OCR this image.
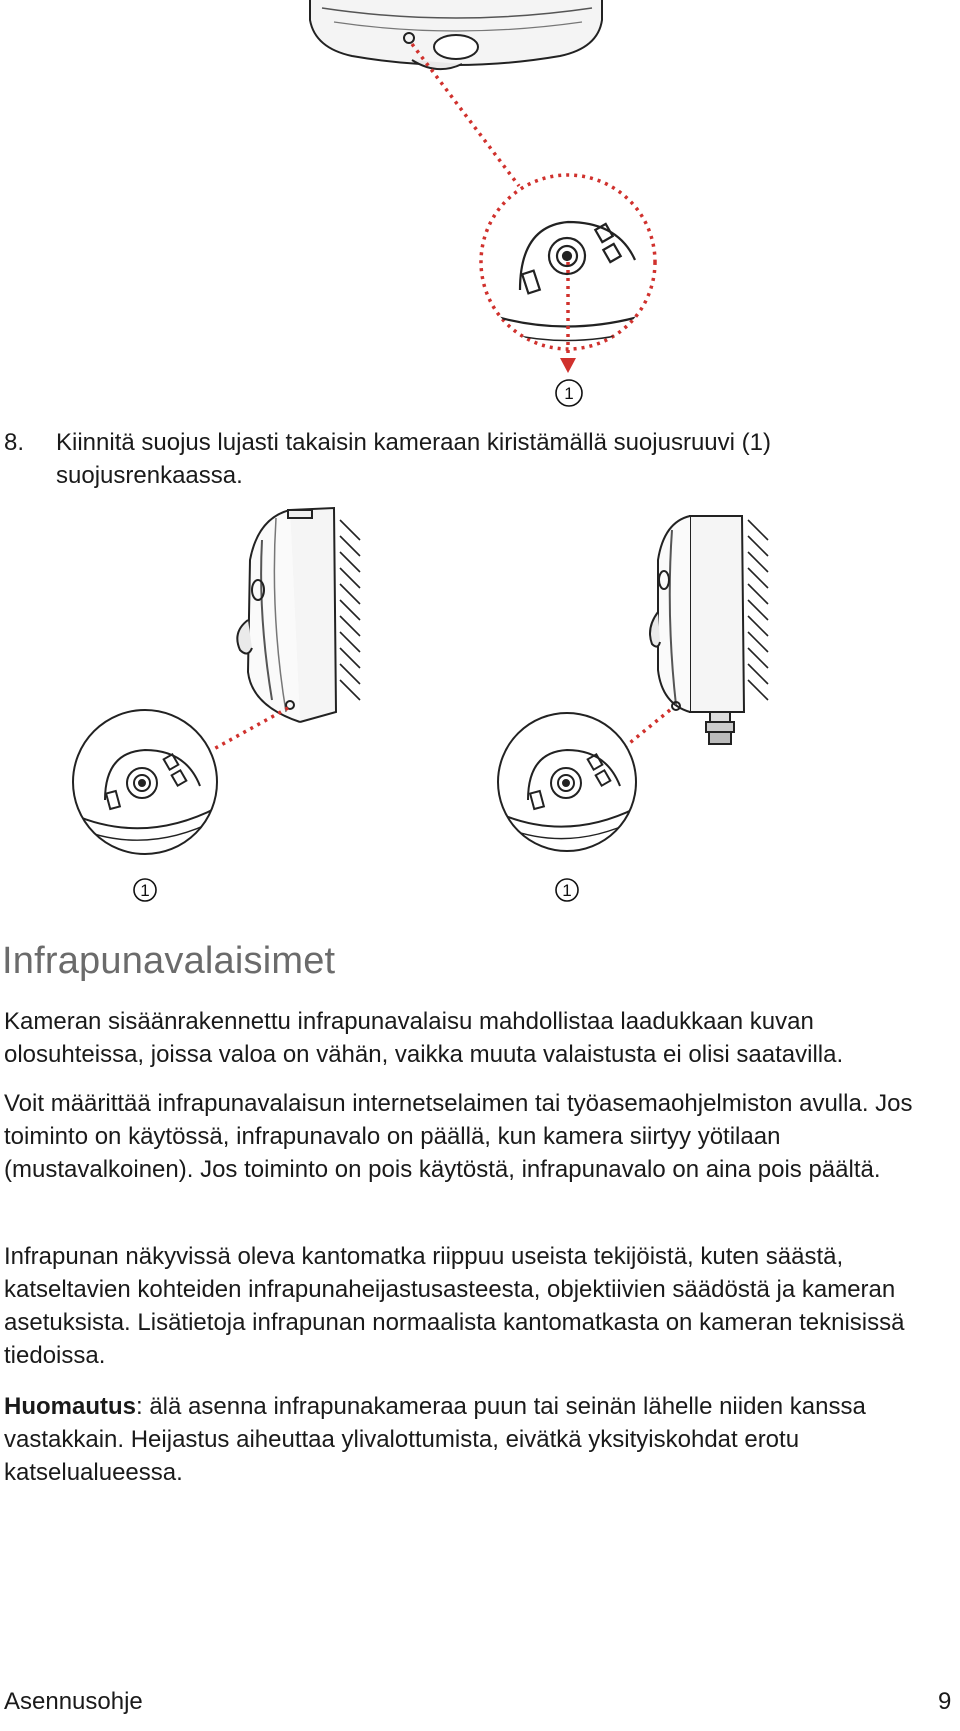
1
1	1
8. Kiinnitä suojus lujasti takaisin kameraan kiristämällä suojusruuvi (1) suojusrenkaassa.
Infrapunavalaisimet

Kameran sisäänrakennettu infrapunavalaisu mahdollistaa laadukkaan kuvan olosuhteissa, joissa valoa on vähän, vaikka muuta valaistusta ei olisi saatavilla.

Voit määrittää infrapunavalaisun internetselaimen tai työasemaohjelmiston avulla. Jos toiminto on käytössä, infrapunavalo on päällä, kun kamera siirtyy yötilaan (mustavalkoinen). Jos toiminto on pois käytöstä, infrapunavalo on aina pois päältä.

Infrapunan näkyvissä oleva kantomatka riippuu useista tekijöistä, kuten säästä, katseltavien kohteiden infrapunaheijastusasteesta, objektiivien säädöstä ja kameran asetuksista. Lisätietoja infrapunan normaalista kantomatkasta on kameran teknisissä tiedoissa.

Huomautus: älä asenna infrapunakameraa puun tai seinän lähelle niiden kanssa vastakkain. Heijastus aiheuttaa ylivalottumista, eivätkä yksityiskohdat erotu katselualueessa.

Asennusohje	9
